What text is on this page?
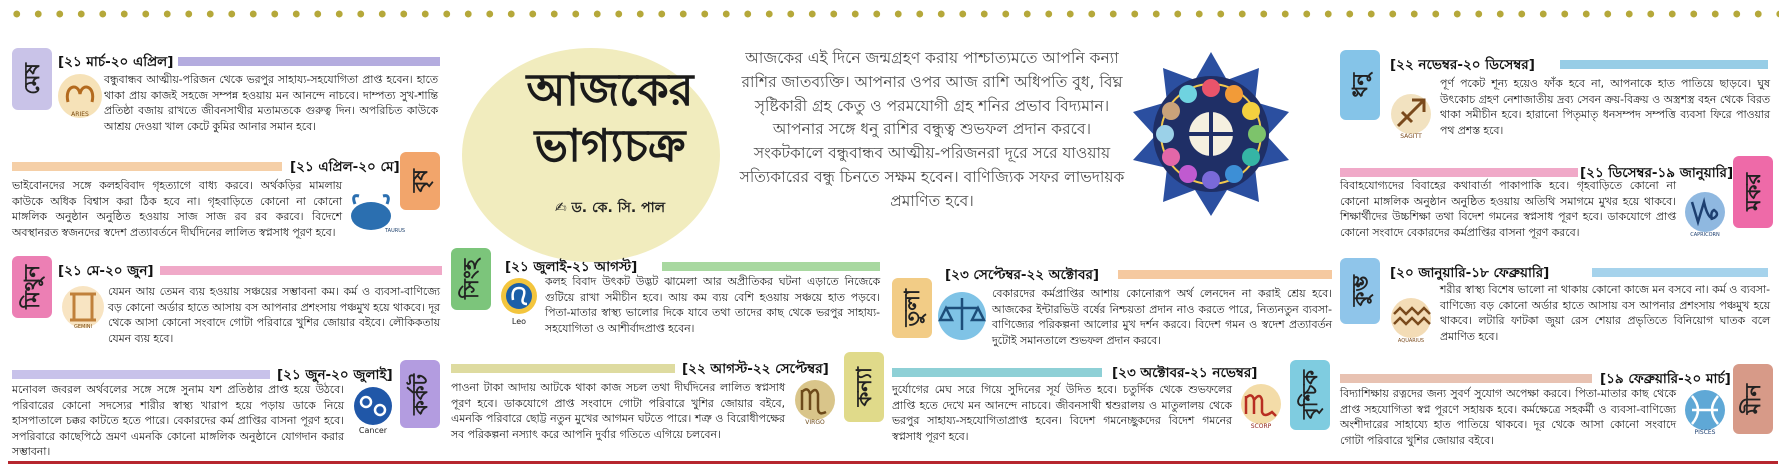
মেষ
[২১ মার্চ-২০ এপ্রিল]
ARIES
বন্ধুবান্ধব আত্মীয়-পরিজন থেকে ভরপুর সাহায্য-সহযোগিতা প্রাপ্ত হবেন। হাতে থাকা প্রায় কাজই সহজে সম্পন্ন হওয়ায় মন আনন্দে নাচবে। দাম্পত্য সুখ-শান্তি প্রতিষ্ঠা বজায় রাখতে জীবনসাথীর মতামতকে গুরুত্ব দিন। অপরিচিত কাউকে আশ্রয় দেওয়া খাল কেটে কুমির আনার সমান হবে।
[২১ এপ্রিল-২০ মে]
বৃষ
TAURUS
ভাইবোনদের সঙ্গে কলহবিবাদ গৃহত্যাগে বাধ্য করবে। অর্থকড়ির মামলায় কাউকে অধিক বিশ্বাস করা ঠিক হবে না। গৃহবাড়িতে কোনো না কোনো মাঙ্গলিক অনুষ্ঠান অনুষ্ঠিত হওয়ায় সাজ সাজ রব রব করবে। বিদেশে অবস্থানরত স্বজনদের স্বদেশ প্রত্যাবর্তনে দীর্ঘদিনের লালিত স্বপ্নসাধ পূরণ হবে।
মিথুন	[২১ মে-২০ জুন]
GEMINI
যেমন আয় তেমন ব্যয় হওয়ায় সঞ্চয়ের সম্ভাবনা কম। কর্ম ও ব্যবসা-বাণিজ্যে বড় কোনো অর্ডার হাতে আসায় বস আপনার প্রশংসায় পঞ্চমুখ হয়ে থাকবে। দূর থেকে আসা কোনো সংবাদে গোটা পরিবারে খুশির জোয়ার বইবে। লৌকিকতায় যেমন ব্যয় হবে।
[২১ জুন-২০ জুলাই] কর্কট
Cancer
মনোবল জবরল অর্থবলের সঙ্গে সঙ্গে সুনাম যশ প্রতিষ্ঠার প্রাপ্ত হয়ে উঠবে। পরিবারের কোনো সদস্যের শারীর স্বাস্থ্য খারাপ হয়ে পড়ায় ডাকে নিয়ে হাসপাতালে চক্কর কাটতে হতে পারে। বেকারদের কর্ম প্রাপ্তির বাসনা পূরণ হবে। সপরিবারে কাছেপিঠে ভ্রমণ এমনকি কোনো মাঙ্গলিক অনুষ্ঠানে যোগদান করার সম্ভাবনা।
আজকের
ভাগ্যচক্র
✍ ড. কে. সি. পাল
আজকের এই দিনে জন্মগ্রহণ করায় পাশ্চাত্যমতে আপনি কন্যা রাশির জাতব্যক্তি। আপনার ওপর আজ রাশি অধিপতি বুধ, বিঘ্ন সৃষ্টিকারী গ্রহ কেতু ও পরমযোগী গ্রহ শনির প্রভাব বিদ্যমান। আপনার সঙ্গে ধনু রাশির বন্ধুত্ব শুভফল প্রদান করবে। সংকটকালে বন্ধুবান্ধব আত্মীয়-পরিজনরা দূরে সরে যাওয়ায় সত্যিকারের বন্ধু চিনতে সক্ষম হবেন। বাণিজ্যিক সফর লাভদায়ক প্রমাণিত হবে।
সিংহ	[২১ জুলাই-২১ আগস্ট]
Leo
কলহ বিবাদ উৎকট উদ্ভট ঝামেলা আর অপ্রীতিকর ঘটনা এড়াতে নিজেকে গুটিয়ে রাখা সমীচীন হবে। আয় কম ব্যয় বেশি হওয়ায় সঞ্চয়ে হাত পড়বে। পিতা-মাতার স্বাস্থ্য ভালোর দিকে যাবে তথা তাদের কাছ থেকে ভরপুর সাহায্য-সহযোগিতা ও আশীর্বাদপ্রাপ্ত হবেন।
[২২ আগস্ট-২২ সেপ্টেম্বর] কন্যা
VIRGO
পাওনা টাকা আদায় আটকে থাকা কাজ সচল তথা দীর্ঘদিনের লালিত স্বপ্নসাধ পূরণ হবে। ডাকযোগে প্রাপ্ত সংবাদে গোটা পরিবারে খুশির জোয়ার বইবে, এমনকি পরিবারে ছোট্ট নতুন মুখের আগমন ঘটতে পারে। শত্রু ও বিরোধীপক্ষের সব পরিকল্পনা নস্যাৎ করে আপনি দুর্বার গতিতে এগিয়ে চলবেন।
তুলা
[২৩ সেপ্টেম্বর-২২ অক্টোবর]
বেকারদের কর্মপ্রাপ্তির আশায় কোনোরূপ অর্থ লেনদেন না করাই শ্রেয় হবে। আজকের ইন্টারভিউ বর্ষের নিশ্চয়তা প্রদান নাও করতে পারে, নিত্যনতুন ব্যবসা-বাণিজ্যের পরিকল্পনা আলোর মুখ দর্শন করবে। বিদেশ গমন ও স্বদেশ প্রত্যাবর্তন দুটোই সমানতালে শুভফল প্রদান করবে।
[২৩ অক্টোবর-২১ নভেম্বর] বৃশ্চিক
SCORP
দুর্যোগের মেঘ সরে গিয়ে সুদিনের সূর্য উদিত হবে। চতুর্দিক থেকে শুভফলের প্রাপ্তি হতে দেখে মন আনন্দে নাচবে। জীবনসাথী শ্বশুরালয় ও মাতুলালয় থেকে ভরপুর সাহায্য-সহযোগিতাপ্রাপ্ত হবেন। বিদেশ গমনেচ্ছুকদের বিদেশ গমনের স্বপ্নসাধ পূরণ হবে।
ধনু
[২২ নভেম্বর-২০ ডিসেম্বর]
SAGITT
পূর্ণ পকেট শূন্য হয়েও ফাঁক হবে না, আপনাকে হাত পাতিয়ে ছাড়বে। ঘুষ উৎকোচ গ্রহণ নেশাজাতীয় দ্রব্য সেবন ক্রয়-বিক্রয় ও অস্ত্রশস্ত্র বহন থেকে বিরত থাকা সমীচীন হবে। হারানো পিতৃমাতৃ ধনসম্পদ সম্পত্তি ব্যবসা ফিরে পাওয়ার পথ প্রশস্ত হবে।
[২১ ডিসেম্বর-১৯ জানুয়ারি]
মকর
CAPRICORN
বিবাহযোগ্যদের বিবাহের কথাবার্তা পাকাপাকি হবে। গৃহবাড়িতে কোনো না কোনো মাঙ্গলিক অনুষ্ঠান অনুষ্ঠিত হওয়ায় অতিথি সমাগমে মুখর হয়ে থাকবে। শিক্ষার্থীদের উচ্চশিক্ষা তথা বিদেশ গমনের স্বপ্নসাধ পূরণ হবে। ডাকযোগে প্রাপ্ত কোনো সংবাদে বেকারদের কর্মপ্রাপ্তির বাসনা পূরণ করবে।
কুম্ভ
[২০ জানুয়ারি-১৮ ফেব্রুয়ারি]
AQUARIUS
শরীর স্বাস্থ্য বিশেষ ভালো না থাকায় কোনো কাজে মন বসবে না। কর্ম ও ব্যবসা-বাণিজ্যে বড় কোনো অর্ডার হাতে আসায় বস আপনার প্রশংসায় পঞ্চমুখ হয়ে থাকবে। লটারি ফাটকা জুয়া রেস শেয়ার প্রভৃতিতে বিনিয়োগ ঘাতক বলে প্রমাণিত হবে।
[১৯ ফেব্রুয়ারি-২০ মার্চ]
মীন
PISCES
বিদ্যাশিক্ষায় রত্নদের জন্য সুবর্ণ সুযোগ অপেক্ষা করবে। পিতা-মাতার কাছ থেকে প্রাপ্ত সহযোগিতা স্বপ্ন পূরণে সহায়ক হবে। কর্মক্ষেত্রে সহকর্মী ও ব্যবসা-বাণিজ্যে অংশীদারের সাহায্যে হাত পাতিয়ে থাকবে। দূর থেকে আসা কোনো সংবাদে গোটা পরিবারে খুশির জোয়ার বইবে।
